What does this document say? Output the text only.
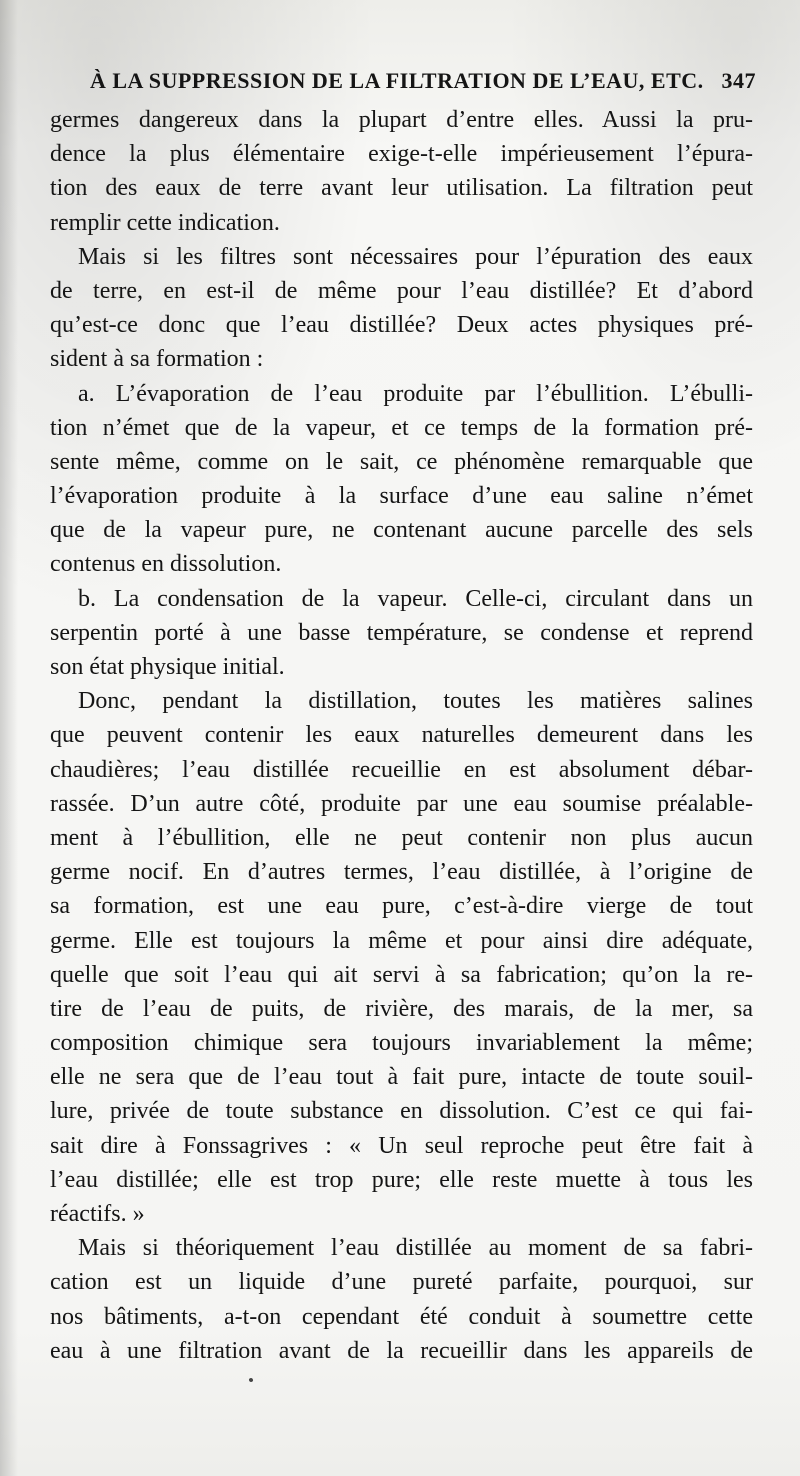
À LA SUPPRESSION DE LA FILTRATION DE L’EAU, ETC. 347
germes dangereux dans la plupart d’entre elles. Aussi la pru-
dence la plus élémentaire exige-t-elle impérieusement l’épura-
tion des eaux de terre avant leur utilisation. La filtration peut
remplir cette indication.
Mais si les filtres sont nécessaires pour l’épuration des eaux
de terre, en est-il de même pour l’eau distillée? Et d’abord
qu’est-ce donc que l’eau distillée? Deux actes physiques pré-
sident à sa formation :
a. L’évaporation de l’eau produite par l’ébullition. L’ébulli-
tion n’émet que de la vapeur, et ce temps de la formation pré-
sente même, comme on le sait, ce phénomène remarquable que
l’évaporation produite à la surface d’une eau saline n’émet
que de la vapeur pure, ne contenant aucune parcelle des sels
contenus en dissolution.
b. La condensation de la vapeur. Celle-ci, circulant dans un
serpentin porté à une basse température, se condense et reprend
son état physique initial.
Donc, pendant la distillation, toutes les matières salines
que peuvent contenir les eaux naturelles demeurent dans les
chaudières; l’eau distillée recueillie en est absolument débar-
rassée. D’un autre côté, produite par une eau soumise préalable-
ment à l’ébullition, elle ne peut contenir non plus aucun
germe nocif. En d’autres termes, l’eau distillée, à l’origine de
sa formation, est une eau pure, c’est-à-dire vierge de tout
germe. Elle est toujours la même et pour ainsi dire adéquate,
quelle que soit l’eau qui ait servi à sa fabrication; qu’on la re-
tire de l’eau de puits, de rivière, des marais, de la mer, sa
composition chimique sera toujours invariablement la même;
elle ne sera que de l’eau tout à fait pure, intacte de toute souil-
lure, privée de toute substance en dissolution. C’est ce qui fai-
sait dire à Fonssagrives : « Un seul reproche peut être fait à
l’eau distillée; elle est trop pure; elle reste muette à tous les
réactifs. »
Mais si théoriquement l’eau distillée au moment de sa fabri-
cation est un liquide d’une pureté parfaite, pourquoi, sur
nos bâtiments, a-t-on cependant été conduit à soumettre cette
eau à une filtration avant de la recueillir dans les appareils de
